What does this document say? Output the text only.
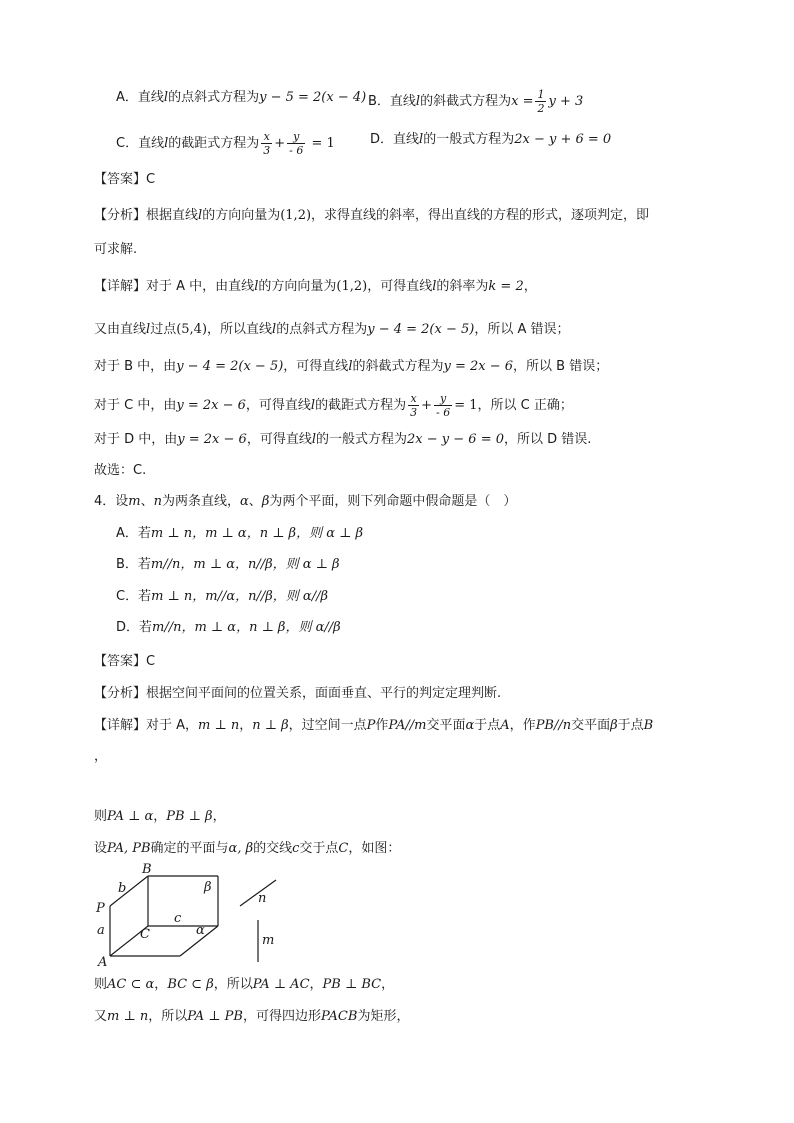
A．直线l的点斜式方程为y − 5 = 2(x − 4) B．直线l的斜截式方程为$x = \frac{1}{2}$ y + 3
C．直线l的截距式方程为 $\frac{x}{3} + \frac{y}{- 6} = 1$	D．直线l的一般式方程为2x − y + 6 = 0
【答案】C
【分析】根据直线l的方向向量为(1,2)，求得直线的斜率，得出直线的方程的形式，逐项判定，即
可求解.
【详解】对于 A 中，由直线l的方向向量为(1,2)，可得直线l的斜率为k = 2，
又由直线l过点(5,4)，所以直线l的点斜式方程为y − 4 = 2(x − 5)，所以 A 错误；
对于 B 中，由y − 4 = 2(x − 5)，可得直线l的斜截式方程为y = 2x − 6，所以 B 错误；
对于 C 中，由y = 2x − 6，可得直线l的截距式方程为 $\frac{x}{3} + \frac{y}{- 6} = 1$，所以 C 正确；
对于 D 中，由y = 2x − 6，可得直线l的一般式方程为2x − y − 6 = 0，所以 D 错误.
故选：C.
4．设m、n为两条直线，α、β为两个平面，则下列命题中假命题是（　）
A．若m ⊥ n，m ⊥ α，n ⊥ β，则 α ⊥ β
B．若m//n，m ⊥ α，n//β，则 α ⊥ β
C．若m ⊥ n，m//α，n//β，则 α//β
D．若m//n，m ⊥ α，n ⊥ β，则 α//β
【答案】C
【分析】根据空间平面间的位置关系，面面垂直、平行的判定定理判断.
【详解】对于 A，m ⊥ n，n ⊥ β，过空间一点P作PA//m交平面α于点A，作PB//n交平面β于点B
，
则PA ⊥ α，PB ⊥ β，
设PA, PB确定的平面与α, β的交线c交于点C，如图：
B
b	β
P
c
a	C	α
A
n
m
则AC ⊂ α，BC ⊂ β，所以PA ⊥ AC，PB ⊥ BC，
又m ⊥ n，所以PA ⊥ PB，可得四边形PACB为矩形，
